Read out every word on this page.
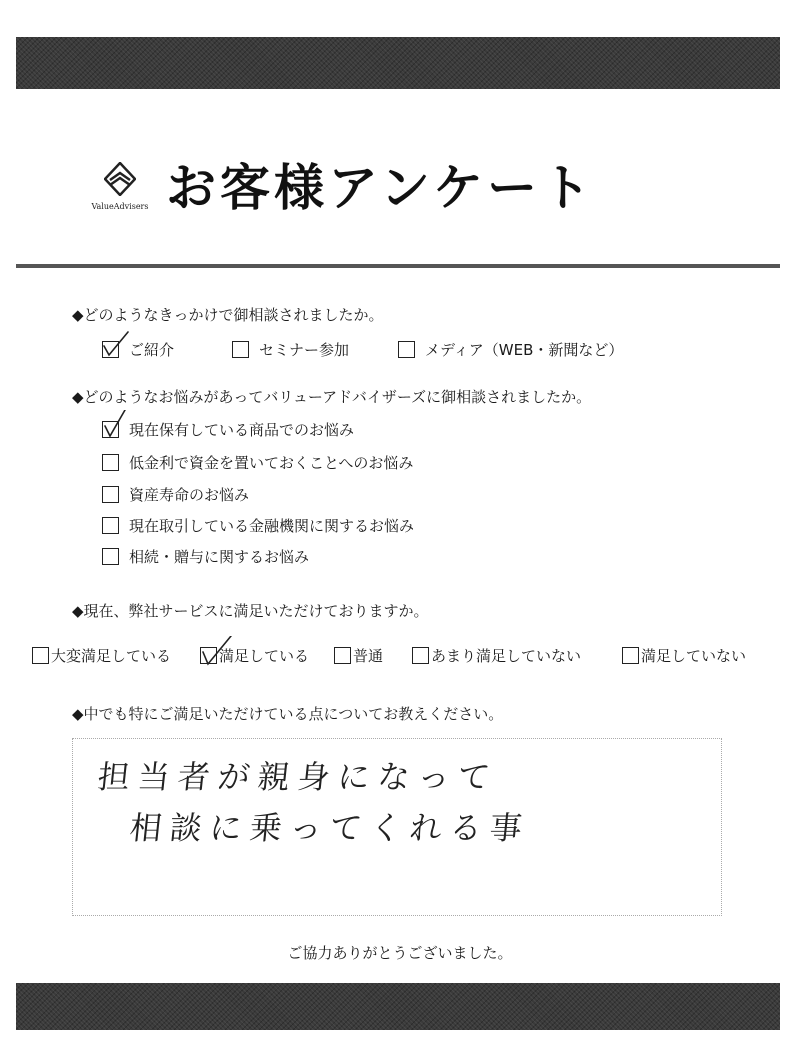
ValueAdvisers お客様アンケート
◆どのようなきっかけで御相談されましたか。
ご紹介	セミナー参加	メディア（WEB・新聞など）
◆どのようなお悩みがあってバリューアドバイザーズに御相談されましたか。
現在保有している商品でのお悩み
低金利で資金を置いておくことへのお悩み
資産寿命のお悩み
現在取引している金融機関に関するお悩み
相続・贈与に関するお悩み
◆現在、弊社サービスに満足いただけておりますか。
大変満足している	満足している	普通	あまり満足していない	満足していない
◆中でも特にご満足いただけている点についてお教えください。
担当者が親身になって
相談に乗ってくれる事
ご協力ありがとうございました。
